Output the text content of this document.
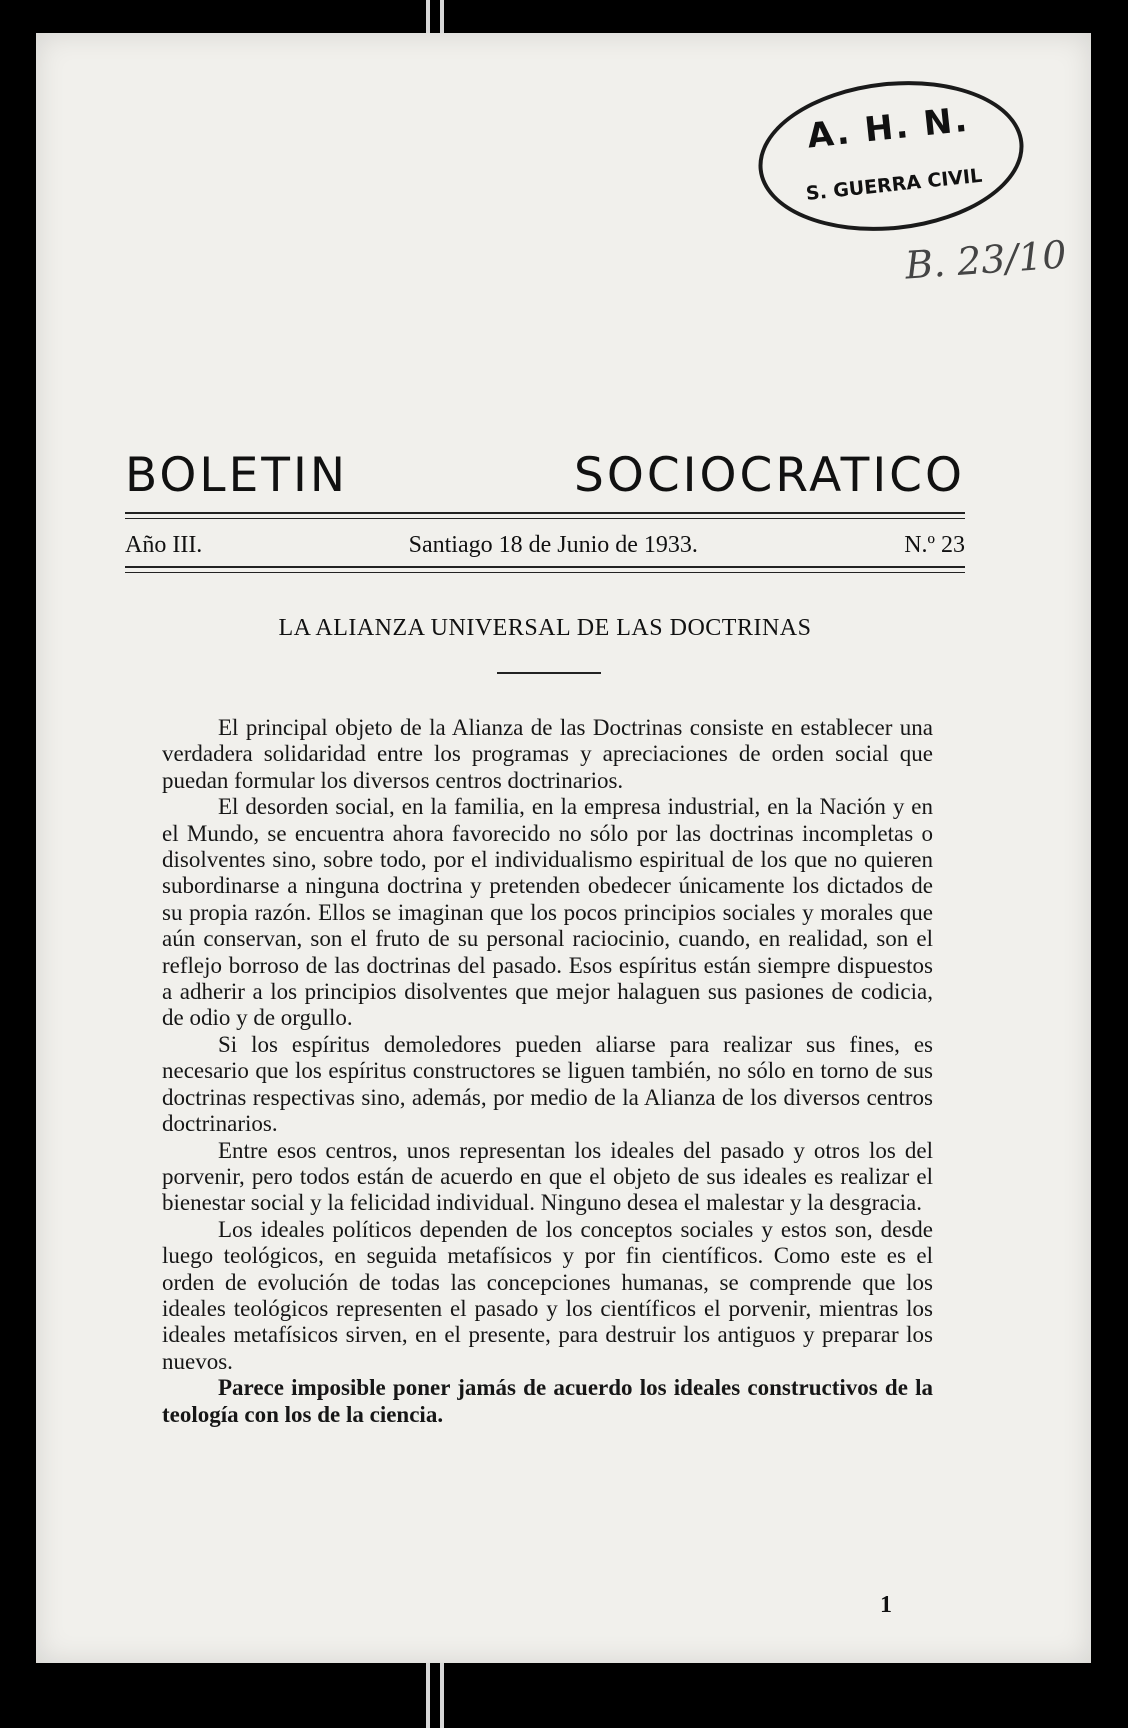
A. H. N.
S. GUERRA CIVIL
B. 23/10
BOLETIN	SOCIOCRATICO
Año III.	Santiago 18 de Junio de 1933.	N.º 23
LA ALIANZA UNIVERSAL DE LAS DOCTRINAS

El principal objeto de la Alianza de las Doctrinas consiste en establecer una verdadera solidaridad entre los programas y apreciaciones de orden social que puedan formular los diversos centros doctrinarios.

El desorden social, en la familia, en la empresa industrial, en la Nación y en el Mundo, se encuentra ahora favorecido no sólo por las doctrinas incompletas o disolventes sino, sobre todo, por el individualismo espiritual de los que no quieren subordinarse a ninguna doctrina y pretenden obedecer únicamente los dictados de su propia razón. Ellos se imaginan que los pocos principios sociales y morales que aún conservan, son el fruto de su personal raciocinio, cuando, en realidad, son el reflejo borroso de las doctrinas del pasado. Esos espíritus están siempre dispuestos a adherir a los principios disolventes que mejor halaguen sus pasiones de codicia, de odio y de orgullo.

Si los espíritus demoledores pueden aliarse para realizar sus fines, es necesario que los espíritus constructores se liguen también, no sólo en torno de sus doctrinas respectivas sino, además, por medio de la Alianza de los diversos centros doctrinarios.

Entre esos centros, unos representan los ideales del pasado y otros los del porvenir, pero todos están de acuerdo en que el objeto de sus ideales es realizar el bienestar social y la felicidad individual. Ninguno desea el malestar y la desgracia.

Los ideales políticos dependen de los conceptos sociales y estos son, desde luego teológicos, en seguida metafísicos y por fin científicos. Como este es el orden de evolución de todas las concepciones humanas, se comprende que los ideales teológicos representen el pasado y los científicos el porvenir, mientras los ideales metafísicos sirven, en el presente, para destruir los antiguos y preparar los nuevos.

Parece imposible poner jamás de acuerdo los ideales constructivos de la teología con los de la ciencia.

1
